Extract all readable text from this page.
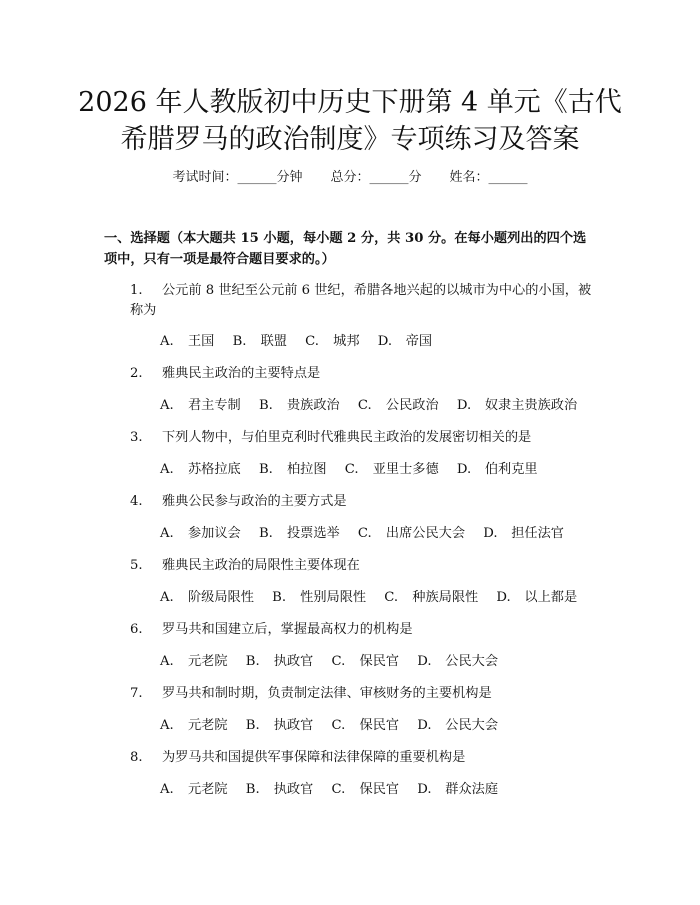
2026 年人教版初中历史下册第 4 单元《古代
希腊罗马的政治制度》专项练习及答案
考试时间：______分钟 总分：______分 姓名：______
一、选择题（本大题共 15 小题，每小题 2 分，共 30 分。在每小题列出的四个选
项中，只有一项是最符合题目要求的。）
1.	公元前 8 世纪至公元前 6 世纪，希腊各地兴起的以城市为中心的小国，被
称为
A. 王国 B. 联盟 C. 城邦 D. 帝国
2.	雅典民主政治的主要特点是
A. 君主专制 B. 贵族政治 C. 公民政治 D. 奴隶主贵族政治
3.	下列人物中，与伯里克利时代雅典民主政治的发展密切相关的是
A. 苏格拉底 B. 柏拉图 C. 亚里士多德 D. 伯利克里
4.	雅典公民参与政治的主要方式是
A. 参加议会 B. 投票选举 C. 出席公民大会 D. 担任法官
5.	雅典民主政治的局限性主要体现在
A. 阶级局限性 B. 性别局限性 C. 种族局限性 D. 以上都是
6.	罗马共和国建立后，掌握最高权力的机构是
A. 元老院 B. 执政官 C. 保民官 D. 公民大会
7.	罗马共和制时期，负责制定法律、审核财务的主要机构是
A. 元老院 B. 执政官 C. 保民官 D. 公民大会
8.	为罗马共和国提供军事保障和法律保障的重要机构是
A. 元老院 B. 执政官 C. 保民官 D. 群众法庭
